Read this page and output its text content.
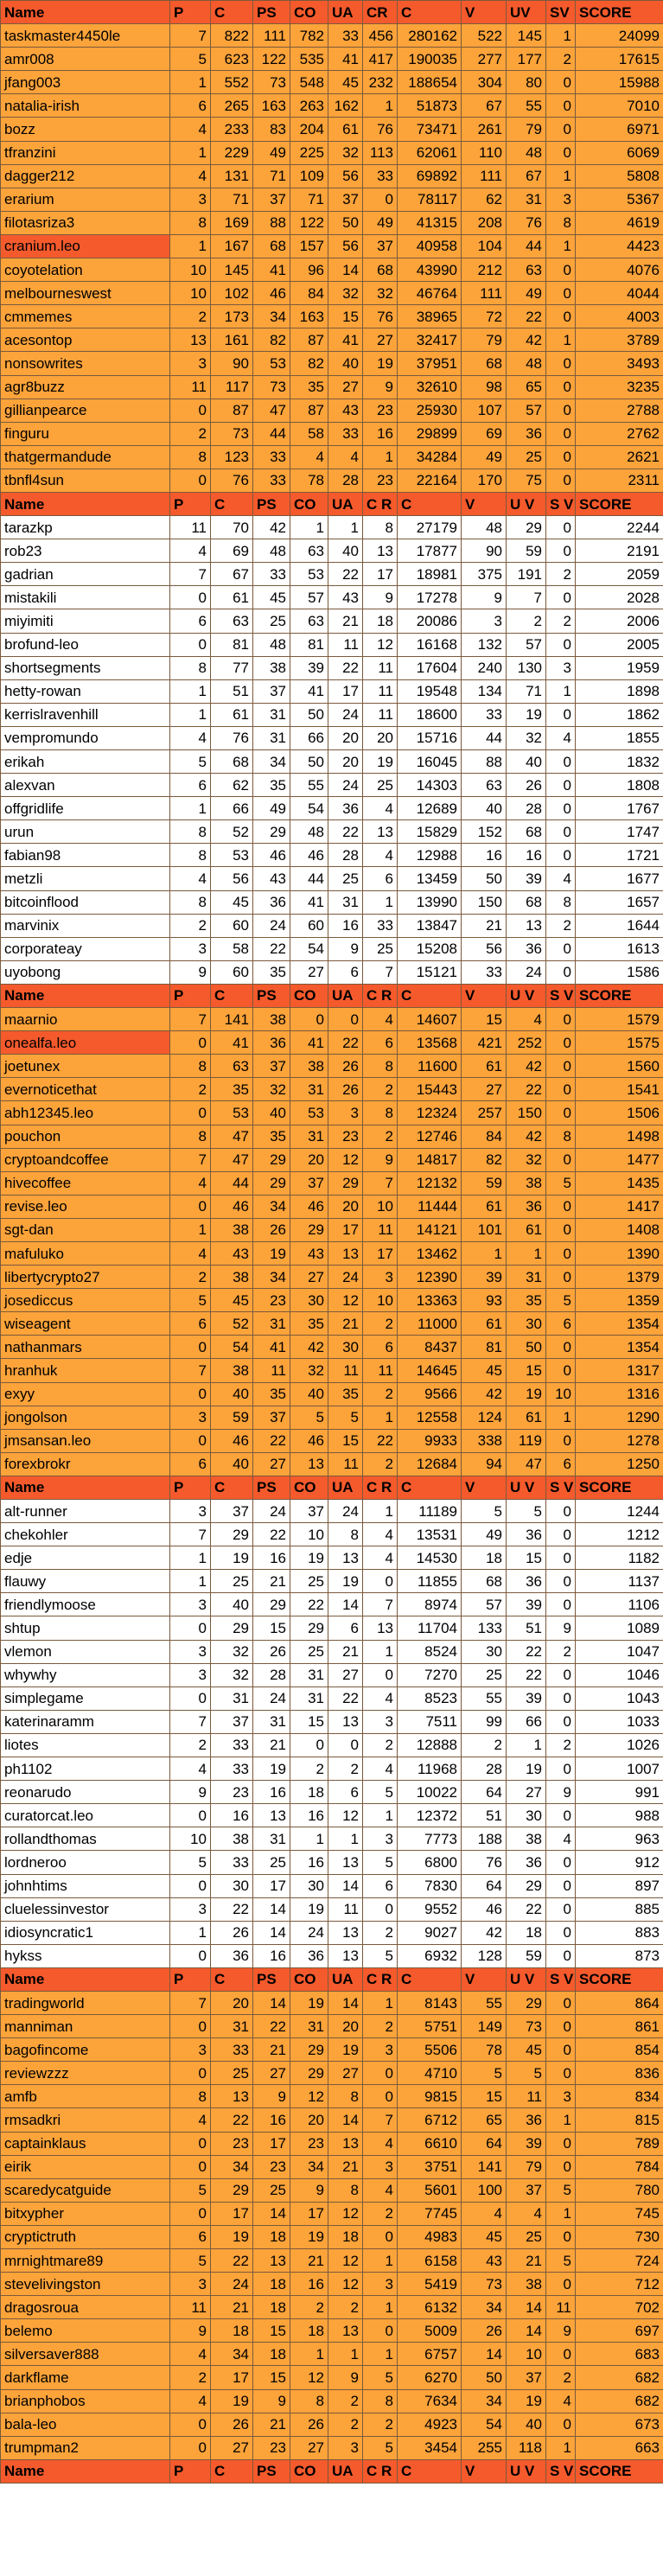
Name	P	C	PS	CO	UA	CR	C	V	UV	SV	SCORE
taskmaster4450le	7	822	111	782	33	456	280162	522	145	1	24099
amr008	5	623	122	535	41	417	190035	277	177	2	17615
jfang003	1	552	73	548	45	232	188654	304	80	0	15988
natalia-irish	6	265	163	263	162	1	51873	67	55	0	7010
bozz	4	233	83	204	61	76	73471	261	79	0	6971
tfranzini	1	229	49	225	32	113	62061	110	48	0	6069
dagger212	4	131	71	109	56	33	69892	111	67	1	5808
erarium	3	71	37	71	37	0	78117	62	31	3	5367
filotasriza3	8	169	88	122	50	49	41315	208	76	8	4619
cranium.leo	1	167	68	157	56	37	40958	104	44	1	4423
coyotelation	10	145	41	96	14	68	43990	212	63	0	4076
melbourneswest	10	102	46	84	32	32	46764	111	49	0	4044
cmmemes	2	173	34	163	15	76	38965	72	22	0	4003
acesontop	13	161	82	87	41	27	32417	79	42	1	3789
nonsowrites	3	90	53	82	40	19	37951	68	48	0	3493
agr8buzz	11	117	73	35	27	9	32610	98	65	0	3235
gillianpearce	0	87	47	87	43	23	25930	107	57	0	2788
finguru	2	73	44	58	33	16	29899	69	36	0	2762
thatgermandude	8	123	33	4	4	1	34284	49	25	0	2621
tbnfl4sun	0	76	33	78	28	23	22164	170	75	0	2311
Name	P	C	PS	CO	UA	C R	C	V	U V	S V	SCORE
tarazkp	11	70	42	1	1	8	27179	48	29	0	2244
rob23	4	69	48	63	40	13	17877	90	59	0	2191
gadrian	7	67	33	53	22	17	18981	375	191	2	2059
mistakili	0	61	45	57	43	9	17278	9	7	0	2028
miyimiti	6	63	25	63	21	18	20086	3	2	2	2006
brofund-leo	0	81	48	81	11	12	16168	132	57	0	2005
shortsegments	8	77	38	39	22	11	17604	240	130	3	1959
hetty-rowan	1	51	37	41	17	11	19548	134	71	1	1898
kerrislravenhill	1	61	31	50	24	11	18600	33	19	0	1862
vempromundo	4	76	31	66	20	20	15716	44	32	4	1855
erikah	5	68	34	50	20	19	16045	88	40	0	1832
alexvan	6	62	35	55	24	25	14303	63	26	0	1808
offgridlife	1	66	49	54	36	4	12689	40	28	0	1767
urun	8	52	29	48	22	13	15829	152	68	0	1747
fabian98	8	53	46	46	28	4	12988	16	16	0	1721
metzli	4	56	43	44	25	6	13459	50	39	4	1677
bitcoinflood	8	45	36	41	31	1	13990	150	68	8	1657
marvinix	2	60	24	60	16	33	13847	21	13	2	1644
corporateay	3	58	22	54	9	25	15208	56	36	0	1613
uyobong	9	60	35	27	6	7	15121	33	24	0	1586
Name	P	C	PS	CO	UA	C R	C	V	U V	S V	SCORE
maarnio	7	141	38	0	0	4	14607	15	4	0	1579
onealfa.leo	0	41	36	41	22	6	13568	421	252	0	1575
joetunex	8	63	37	38	26	8	11600	61	42	0	1560
evernoticethat	2	35	32	31	26	2	15443	27	22	0	1541
abh12345.leo	0	53	40	53	3	8	12324	257	150	0	1506
pouchon	8	47	35	31	23	2	12746	84	42	8	1498
cryptoandcoffee	7	47	29	20	12	9	14817	82	32	0	1477
hivecoffee	4	44	29	37	29	7	12132	59	38	5	1435
revise.leo	0	46	34	46	20	10	11444	61	36	0	1417
sgt-dan	1	38	26	29	17	11	14121	101	61	0	1408
mafuluko	4	43	19	43	13	17	13462	1	1	0	1390
libertycrypto27	2	38	34	27	24	3	12390	39	31	0	1379
josediccus	5	45	23	30	12	10	13363	93	35	5	1359
wiseagent	6	52	31	35	21	2	11000	61	30	6	1354
nathanmars	0	54	41	42	30	6	8437	81	50	0	1354
hranhuk	7	38	11	32	11	11	14645	45	15	0	1317
exyy	0	40	35	40	35	2	9566	42	19	10	1316
jongolson	3	59	37	5	5	1	12558	124	61	1	1290
jmsansan.leo	0	46	22	46	15	22	9933	338	119	0	1278
forexbrokr	6	40	27	13	11	2	12684	94	47	6	1250
Name	P	C	PS	CO	UA	C R	C	V	U V	S V	SCORE
alt-runner	3	37	24	37	24	1	11189	5	5	0	1244
chekohler	7	29	22	10	8	4	13531	49	36	0	1212
edje	1	19	16	19	13	4	14530	18	15	0	1182
flauwy	1	25	21	25	19	0	11855	68	36	0	1137
friendlymoose	3	40	29	22	14	7	8974	57	39	0	1106
shtup	0	29	15	29	6	13	11704	133	51	9	1089
vlemon	3	32	26	25	21	1	8524	30	22	2	1047
whywhy	3	32	28	31	27	0	7270	25	22	0	1046
simplegame	0	31	24	31	22	4	8523	55	39	0	1043
katerinaramm	7	37	31	15	13	3	7511	99	66	0	1033
liotes	2	33	21	0	0	2	12888	2	1	2	1026
ph1102	4	33	19	2	2	4	11968	28	19	0	1007
reonarudo	9	23	16	18	6	5	10022	64	27	9	991
curatorcat.leo	0	16	13	16	12	1	12372	51	30	0	988
rollandthomas	10	38	31	1	1	3	7773	188	38	4	963
lordneroo	5	33	25	16	13	5	6800	76	36	0	912
johnhtims	0	30	17	30	14	6	7830	64	29	0	897
cluelessinvestor	3	22	14	19	11	0	9552	46	22	0	885
idiosyncratic1	1	26	14	24	13	2	9027	42	18	0	883
hykss	0	36	16	36	13	5	6932	128	59	0	873
Name	P	C	PS	CO	UA	C R	C	V	U V	S V	SCORE
tradingworld	7	20	14	19	14	1	8143	55	29	0	864
manniman	0	31	22	31	20	2	5751	149	73	0	861
bagofincome	3	33	21	29	19	3	5506	78	45	0	854
reviewzzz	0	25	27	29	27	0	4710	5	5	0	836
amfb	8	13	9	12	8	0	9815	15	11	3	834
rmsadkri	4	22	16	20	14	7	6712	65	36	1	815
captainklaus	0	23	17	23	13	4	6610	64	39	0	789
eirik	0	34	23	34	21	3	3751	141	79	0	784
scaredycatguide	5	29	25	9	8	4	5601	100	37	5	780
bitxypher	0	17	14	17	12	2	7745	4	4	1	745
cryptictruth	6	19	18	19	18	0	4983	45	25	0	730
mrnightmare89	5	22	13	21	12	1	6158	43	21	5	724
stevelivingston	3	24	18	16	12	3	5419	73	38	0	712
dragosroua	11	21	18	2	2	1	6132	34	14	11	702
belemo	9	18	15	18	13	0	5009	26	14	9	697
silversaver888	4	34	18	1	1	1	6757	14	10	0	683
darkflame	2	17	15	12	9	5	6270	50	37	2	682
brianphobos	4	19	9	8	2	8	7634	34	19	4	682
bala-leo	0	26	21	26	2	2	4923	54	40	0	673
trumpman2	0	27	23	27	3	5	3454	255	118	1	663
Name	P	C	PS	CO	UA	C R	C	V	U V	S V	SCORE
